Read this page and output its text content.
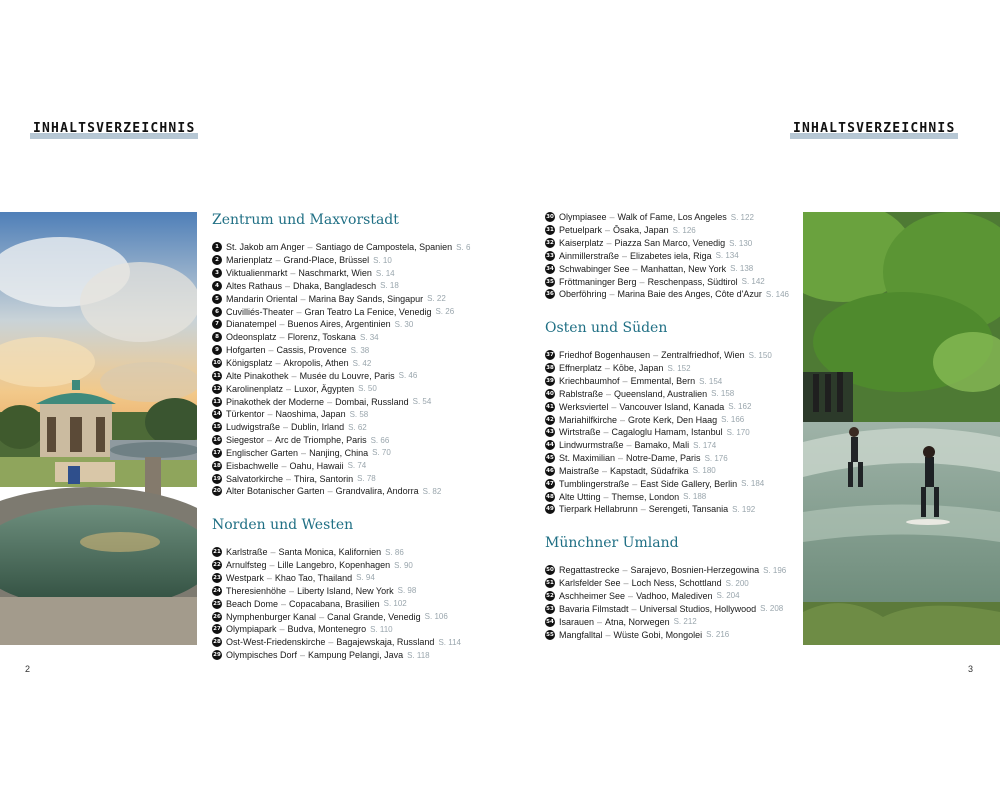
INHALTSVERZEICHNIS	INHALTSVERZEICHNIS
Zentrum und Maxvorstadt
1 St. Jakob am Anger – Santiago de Campostela, Spanien S. 6
2 Marienplatz – Grand-Place, Brüssel S. 10
3 Viktualienmarkt – Naschmarkt, Wien S. 14
4 Altes Rathaus – Dhaka, Bangladesch S. 18
5 Mandarin Oriental – Marina Bay Sands, Singapur S. 22
6 Cuvilliés-Theater – Gran Teatro La Fenice, Venedig S. 26
7 Dianatempel – Buenos Aires, Argentinien S. 30
8 Odeonsplatz – Florenz, Toskana S. 34
9 Hofgarten – Cassis, Provence S. 38
10 Königsplatz – Akropolis, Athen S. 42
11 Alte Pinakothek – Musée du Louvre, Paris S. 46
12 Karolinenplatz – Luxor, Ägypten S. 50
13 Pinakothek der Moderne – Dombai, Russland S. 54
14 Türkentor – Naoshima, Japan S. 58
15 Ludwigstraße – Dublin, Irland S. 62
16 Siegestor – Arc de Triomphe, Paris S. 66
17 Englischer Garten – Nanjing, China S. 70
18 Eisbachwelle – Oahu, Hawaii S. 74
19 Salvatorkirche – Thira, Santorin S. 78
20 Alter Botanischer Garten – Grandvalira, Andorra S. 82
Norden und Westen
21 Karlstraße – Santa Monica, Kalifornien S. 86
22 Arnulfsteg – Lille Langebro, Kopenhagen S. 90
23 Westpark – Khao Tao, Thailand S. 94
24 Theresienhöhe – Liberty Island, New York S. 98
25 Beach Dome – Copacabana, Brasilien S. 102
26 Nymphenburger Kanal – Canal Grande, Venedig S. 106
27 Olympiapark – Budva, Montenegro S. 110
28 Ost-West-Friedenskirche – Bagajewskaja, Russland S. 114
29 Olympisches Dorf – Kampung Pelangi, Java S. 118
30 Olympiasee – Walk of Fame, Los Angeles S. 122
31 Petuelpark – Ōsaka, Japan S. 126
32 Kaiserplatz – Piazza San Marco, Venedig S. 130
33 Ainmillerstraße – Elizabetes iela, Riga S. 134
34 Schwabinger See – Manhattan, New York S. 138
35 Fröttmaninger Berg – Reschenpass, Südtirol S. 142
36 Oberföhring – Marina Baie des Anges, Côte d'Azur S. 146
Osten und Süden
37 Friedhof Bogenhausen – Zentralfriedhof, Wien S. 150
38 Effnerplatz – Kōbe, Japan S. 152
39 Kriechbaumhof – Emmental, Bern S. 154
40 Rablstraße – Queensland, Australien S. 158
41 Werksviertel – Vancouver Island, Kanada S. 162
42 Mariahilfkirche – Grote Kerk, Den Haag S. 166
43 Wirtstraße – Cagaloglu Hamam, Istanbul S. 170
44 Lindwurmstraße – Bamako, Mali S. 174
45 St. Maximilian – Notre-Dame, Paris S. 176
46 Maistraße – Kapstadt, Südafrika S. 180
47 Tumblingerstraße – East Side Gallery, Berlin S. 184
48 Alte Utting – Themse, London S. 188
49 Tierpark Hellabrunn – Serengeti, Tansania S. 192
Münchner Umland
50 Regattastrecke – Sarajevo, Bosnien-Herzegowina S. 196
51 Karlsfelder See – Loch Ness, Schottland S. 200
52 Aschheimer See – Vadhoo, Malediven S. 204
53 Bavaria Filmstadt – Universal Studios, Hollywood S. 208
54 Isarauen – Atna, Norwegen S. 212
55 Mangfalltal – Wüste Gobi, Mongolei S. 216
2	3
